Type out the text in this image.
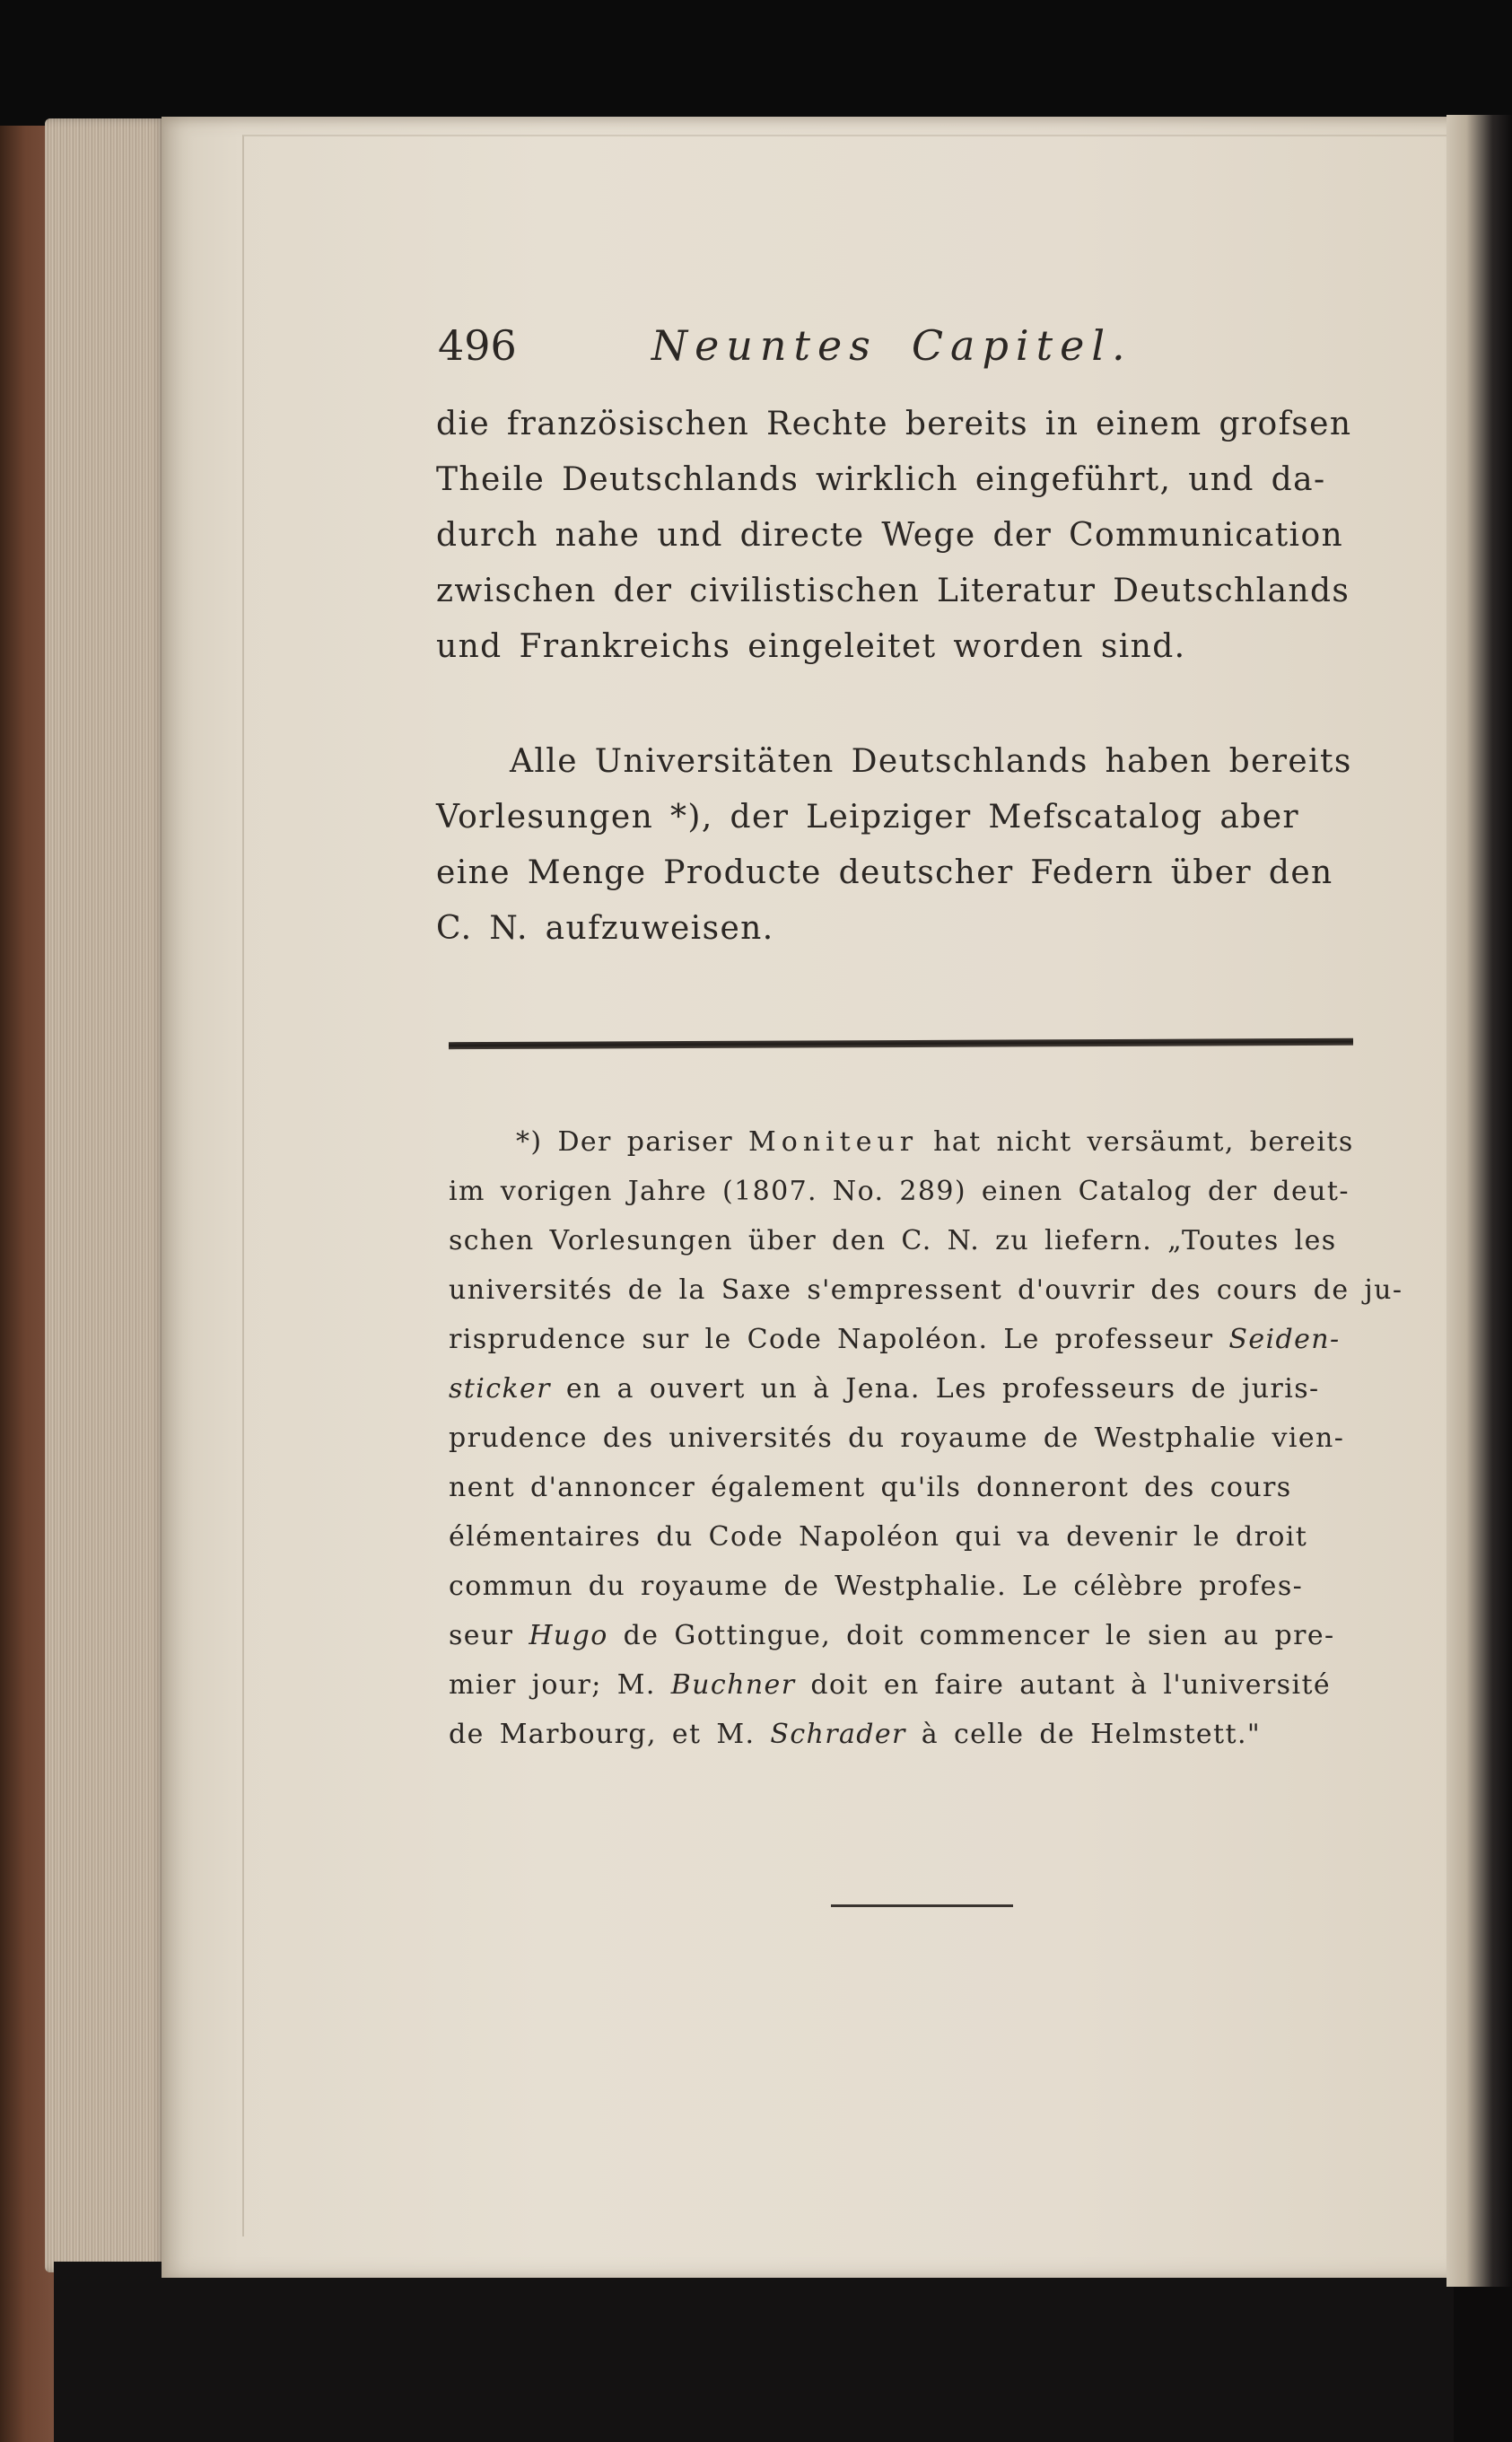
496	Neuntes Capitel.
die französischen Rechte bereits in einem grofsen
Theile Deutschlands wirklich eingeführt, und da-
durch nahe und directe Wege der Communication
zwischen der civilistischen Literatur Deutschlands
und Frankreichs eingeleitet worden sind.
Alle Universitäten Deutschlands haben bereits
Vorlesungen *), der Leipziger Mefscatalog aber
eine Menge Producte deutscher Federn über den
C. N. aufzuweisen.
*) Der pariser Moniteur hat nicht versäumt, bereits
im vorigen Jahre (1807. No. 289) einen Catalog der deut-
schen Vorlesungen über den C. N. zu liefern. „Toutes les
universités de la Saxe s'empressent d'ouvrir des cours de ju-
risprudence sur le Code Napoléon. Le professeur Seiden-
sticker en a ouvert un à Jena. Les professeurs de juris-
prudence des universités du royaume de Westphalie vien-
nent d'annoncer également qu'ils donneront des cours
élémentaires du Code Napoléon qui va devenir le droit
commun du royaume de Westphalie. Le célèbre profes-
seur Hugo de Gottingue, doit commencer le sien au pre-
mier jour; M. Buchner doit en faire autant à l'université
de Marbourg, et M. Schrader à celle de Helmstett."
